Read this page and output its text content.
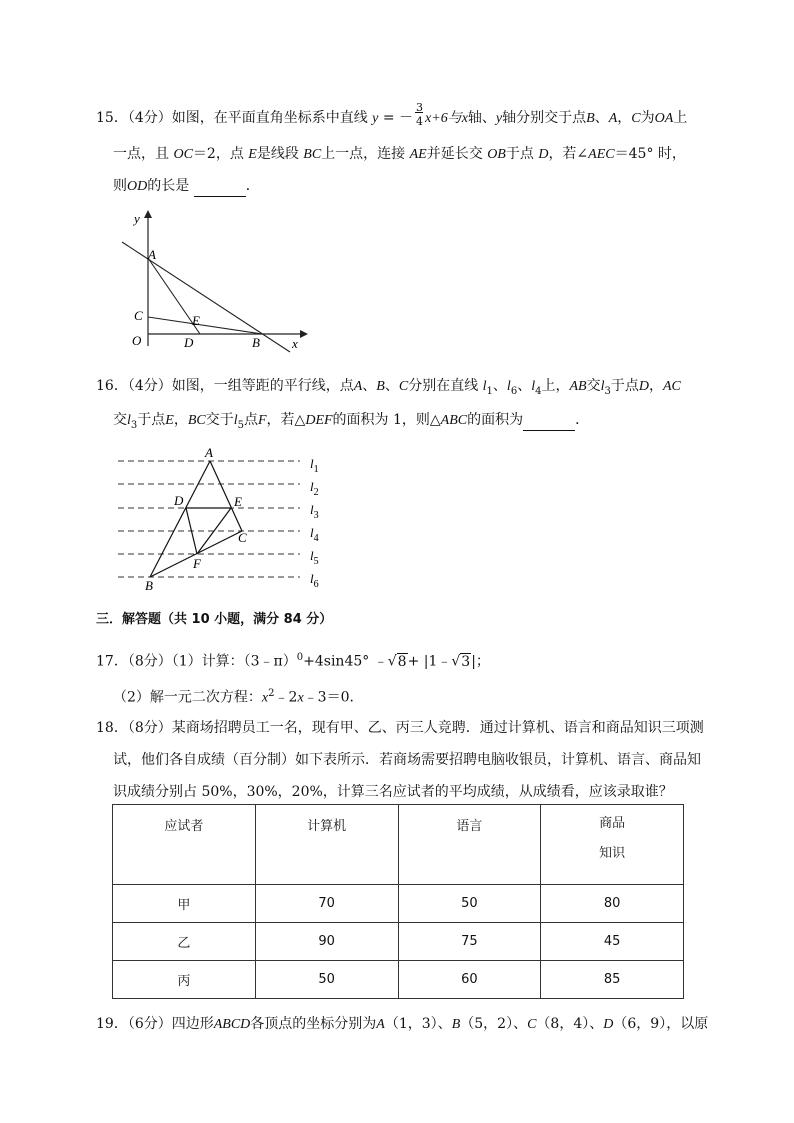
15．（4分）如图，在平面直角坐标系中直线 y = －
3
4 x+6与x轴、y轴分别交于点B、A，C为OA上
一点，且 OC＝2，点 E是线段 BC上一点，连接 AE并延长交 OB于点 D，若∠AEC＝45° 时，
则OD的长是	．
y
x
A
C	E
O	D	B
16．（4分）如图，一组等距的平行线，点A、B、C分别在直线 $l_1$、$l_6$、$l_4$上，AB交$l_3$于点D，AC
交$l_3$于点E，BC交于$l_5$点F，若△DEF的面积为 1，则△ABC的面积为	．
A
D	E
C
F
B
$l_1$
$l_2$
$l_3$
$l_4$
$l_5$
$l_6$
三．解答题（共 10 小题，满分 84 分）
17．（8分）（1）计算：（3﹣π）$^0$+4sin45° ﹣√8+ |1﹣√3|；
（2）解一元二次方程：$x^2﹣2x﹣3=0$．
18．（8分）某商场招聘员工一名，现有甲、乙、丙三人竞聘．通过计算机、语言和商品知识三项测
试，他们各自成绩（百分制）如下表所示．若商场需要招聘电脑收银员，计算机、语言、商品知
识成绩分别占 50%，30%，20%，计算三名应试者的平均成绩，从成绩看，应该录取谁？
应试者	计算机	语言	商品
知识

甲	70	50	80
乙	90	75	45
丙	50	60	85
19．（6分）四边形ABCD各顶点的坐标分别为A（1，3）、B（5，2）、C（8，4）、D（6，9），以原
